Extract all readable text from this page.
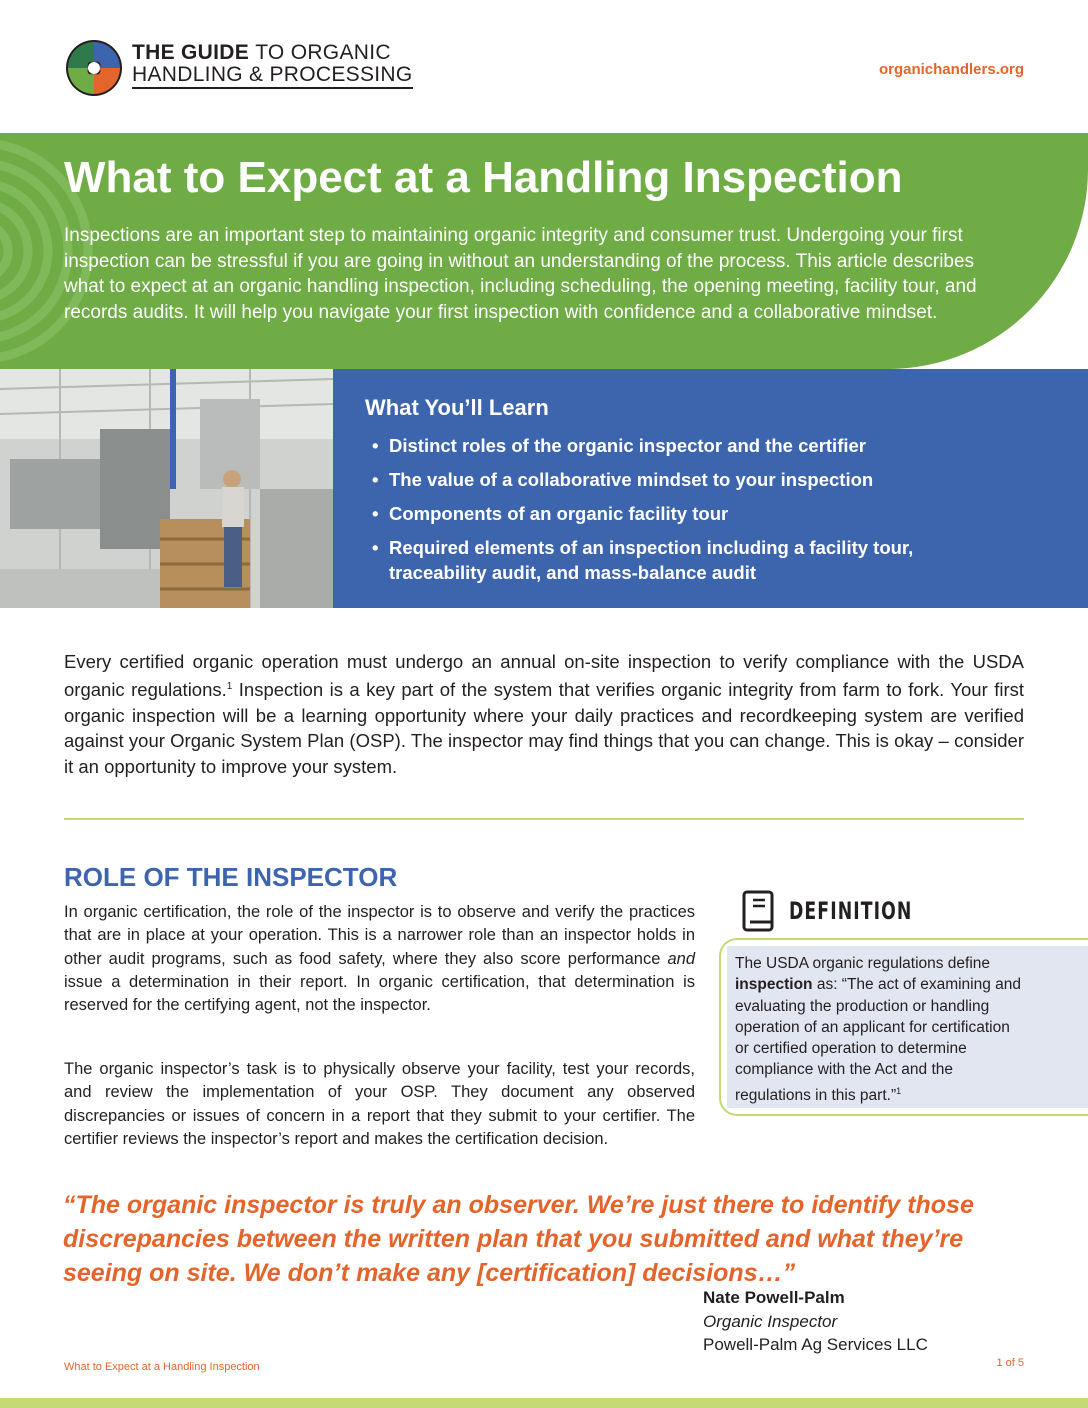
THE GUIDE TO ORGANIC
HANDLING & PROCESSING	organichandlers.org
What to Expect at a Handling Inspection
Inspections are an important step to maintaining organic integrity and consumer trust. Undergoing your first inspection can be stressful if you are going in without an understanding of the process. This article describes what to expect at an organic handling inspection, including scheduling, the opening meeting, facility tour, and records audits. It will help you navigate your first inspection with confidence and a collaborative mindset.
What You’ll Learn
• Distinct roles of the organic inspector and the certifier
• The value of a collaborative mindset to your inspection
• Components of an organic facility tour
• Required elements of an inspection including a facility tour, traceability audit, and mass-balance audit
Every certified organic operation must undergo an annual on-site inspection to verify compliance with the USDA organic regulations.$^1$ Inspection is a key part of the system that verifies organic integrity from farm to fork. Your first organic inspection will be a learning opportunity where your daily practices and recordkeeping system are verified against your Organic System Plan (OSP). The inspector may find things that you can change. This is okay – consider it an opportunity to improve your system.
ROLE OF THE INSPECTOR
In organic certification, the role of the inspector is to observe and verify the practices that are in place at your operation. This is a narrower role than an inspector holds in other audit programs, such as food safety, where they also score performance and issue a determination in their report. In organic certification, that determination is reserved for the certifying agent, not the inspector.
The organic inspector’s task is to physically observe your facility, test your records, and review the implementation of your OSP. They document any observed discrepancies or issues of concern in a report that they submit to your certifier. The certifier reviews the inspector’s report and makes the certification decision.
DEFINITION
The USDA organic regulations define inspection as: “The act of examining and evaluating the production or handling operation of an applicant for certification or certified operation to determine compliance with the Act and the regulations in this part.”$^1$
“The organic inspector is truly an observer. We’re just there to identify those discrepancies between the written plan that you submitted and what they’re seeing on site. We don’t make any [certification] decisions…”
Nate Powell-Palm
Organic Inspector
Powell-Palm Ag Services LLC
What to Expect at a Handling Inspection	1 of 5
